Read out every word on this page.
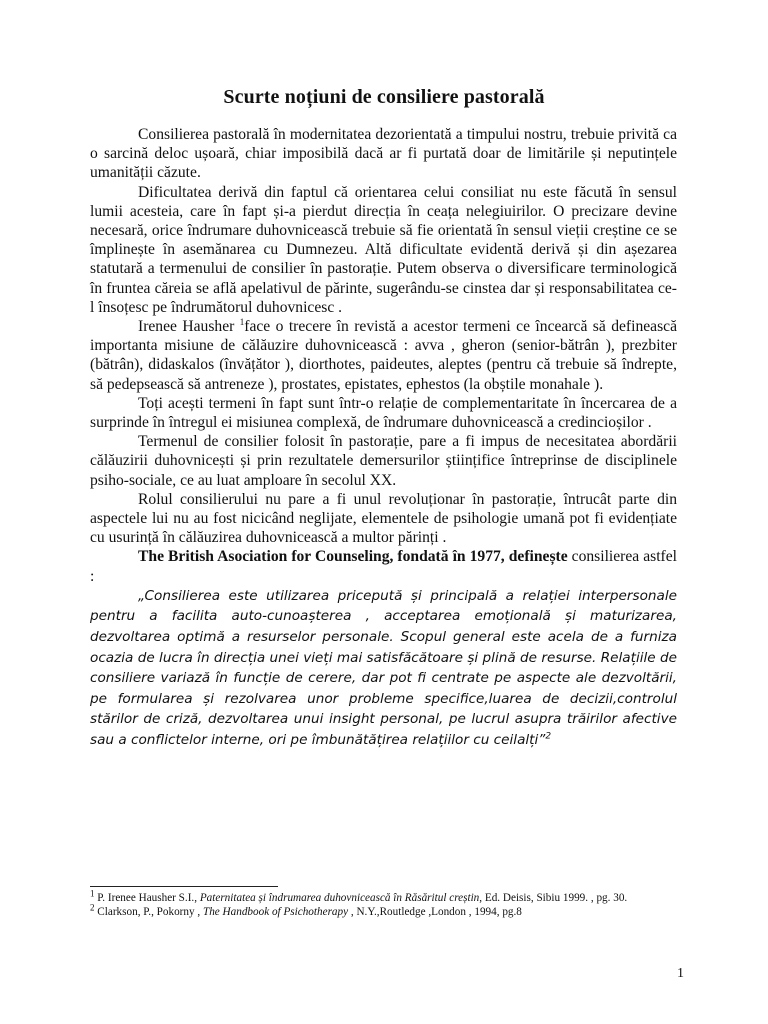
Scurte noțiuni de consiliere pastorală

Consilierea pastorală în modernitatea dezorientată a timpului nostru, trebuie privită ca o sarcină deloc ușoară, chiar imposibilă dacă ar fi purtată doar de limitările și neputințele umanității căzute.

Dificultatea derivă din faptul că orientarea celui consiliat nu este făcută în sensul lumii acesteia, care în fapt și-a pierdut direcția în ceața nelegiuirilor. O precizare devine necesară, orice îndrumare duhovnicească trebuie să fie orientată în sensul vieții creștine ce se împlinește în asemănarea cu Dumnezeu. Altă dificultate evidentă derivă și din așezarea statutară a termenului de consilier în pastorație. Putem observa o diversificare terminologică în fruntea căreia se află apelativul de părinte, sugerându-se cinstea dar și responsabilitatea ce-l însoțesc pe îndrumătorul duhovnicesc .

Irenee Hausher $^1$face o trecere în revistă a acestor termeni ce încearcă să definească importanta misiune de călăuzire duhovnicească : avva , gheron (senior-bătrân ), prezbiter (bătrân), didaskalos (învățător ), diorthotes, paideutes, aleptes (pentru că trebuie să îndrepte, să pedepsească să antreneze ), prostates, epistates, ephestos (la obștile monahale ).

Toți acești termeni în fapt sunt într-o relație de complementaritate în încercarea de a surprinde în întregul ei misiunea complexă, de îndrumare duhovnicească a credincioșilor .

Termenul de consilier folosit în pastorație, pare a fi impus de necesitatea abordării călăuzirii duhovnicești și prin rezultatele demersurilor științifice întreprinse de disciplinele psiho-sociale, ce au luat amploare în secolul XX.

Rolul consilierului nu pare a fi unul revoluționar în pastorație, întrucât parte din aspectele lui nu au fost nicicând neglijate, elementele de psihologie umană pot fi evidențiate cu usurință în călăuzirea duhovnicească a multor părinți .

The British Asociation for Counseling, fondată în 1977, definește consilierea astfel :

„Consilierea este utilizarea pricepută și principală a relației interpersonale pentru a facilita auto-cunoașterea , acceptarea emoțională și maturizarea, dezvoltarea optimă a resurselor personale. Scopul general este acela de a furniza ocazia de lucra în direcția unei vieți mai satisfăcătoare și plină de resurse. Relațiile de consiliere variază în funcție de cerere, dar pot fi centrate pe aspecte ale dezvoltării, pe formularea și rezolvarea unor probleme specifice,luarea de decizii,controlul stărilor de criză, dezvoltarea unui insight personal, pe lucrul asupra trăirilor afective sau a conflictelor interne, ori pe îmbunătățirea relațiilor cu ceilalți”$^2$

$^1$ P. Irenee Hausher S.I., Paternitatea și îndrumarea duhovnicească în Răsăritul creștin, Ed. Deisis, Sibiu 1999. , pg. 30.

$^2$ Clarkson, P., Pokorny , The Handbook of Psichotherapy , N.Y.,Routledge ,London , 1994, pg.8

1
